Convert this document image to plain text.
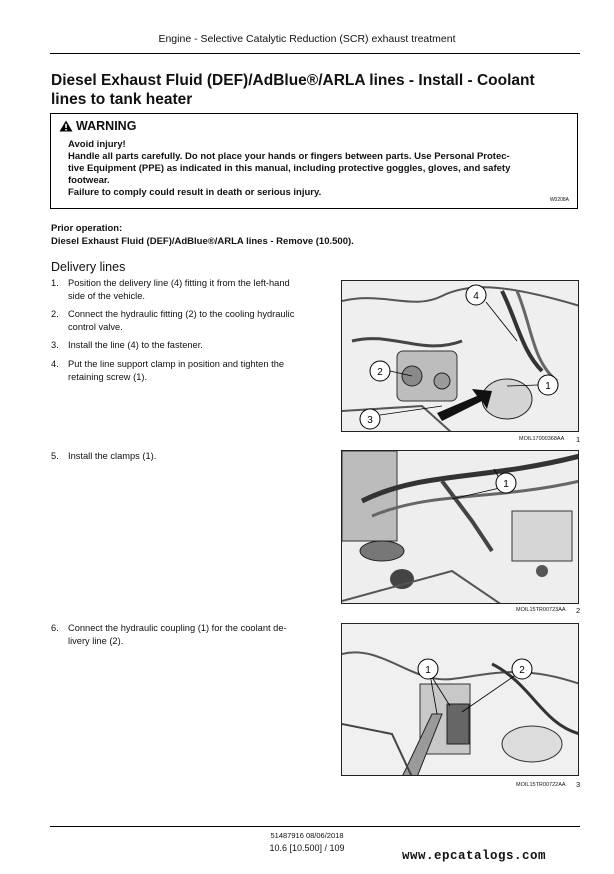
Engine - Selective Catalytic Reduction (SCR) exhaust treatment
Diesel Exhaust Fluid (DEF)/AdBlue®/ARLA lines - Install - Coolant
lines to tank heater
WARNING
Avoid injury!
Handle all parts carefully. Do not place your hands or fingers between parts. Use Personal Protec-
tive Equipment (PPE) as indicated in this manual, including protective goggles, gloves, and safety
footwear.
Failure to comply could result in death or serious injury.
W0208A
Prior operation:
Diesel Exhaust Fluid (DEF)/AdBlue®/ARLA lines - Remove (10.500).
Delivery lines
1. Position the delivery line (4) fitting it from the left-hand
side of the vehicle.
2. Connect the hydraulic fitting (2) to the cooling hydraulic
control valve.
3. Install the line (4) to the fastener.
4. Put the line support clamp in position and tighten the
retaining screw (1).
5. Install the clamps (1).
6. Connect the hydraulic coupling (1) for the coolant de-
livery line (2).
4
2
3
1
MOIL17000368AA 1
1
MOIL15TR00723AA 2
1	2
MOIL15TR00722AA 3
51487916 08/06/2018
10.6 [10.500] / 109
www.epcatalogs.com
